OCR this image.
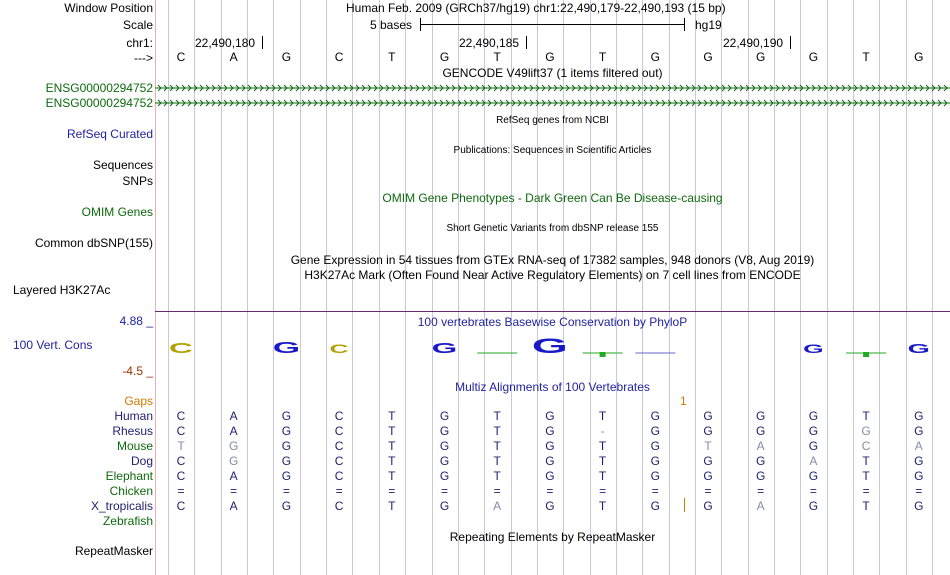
Window Position	Human Feb. 2009 (GRCh37/hg19) chr1:22,490,179-22,490,193 (15 bp)
Scale	5 bases	hg19
chr1:	22,490,180	22,490,185	22,490,190
--->	C	A	G	C	T	G	T	G	T	G	G	G	G	T	G
GENCODE V49lift37 (1 items filtered out)
ENSG00000294752
ENSG00000294752
RefSeq genes from NCBI
RefSeq Curated
Publications: Sequences in Scientific Articles
Sequences
SNPs
OMIM Gene Phenotypes - Dark Green Can Be Disease-causing
OMIM Genes
Short Genetic Variants from dbSNP release 155
Common dbSNP(155)
Gene Expression in 54 tissues from GTEx RNA-seq of 17382 samples, 948 donors (V8, Aug 2019)
H3K27Ac Mark (Often Found Near Active Regulatory Elements) on 7 cell lines from ENCODE
Layered H3K27Ac
100 vertebrates Basewise Conservation by PhyloP
4.88 _
100 Vert. Cons
-4.5 _
C	G C	G	G	G	G
Multiz Alignments of 100 Vertebrates
Gaps	1
Human	C	A	G	C	T	G	T	G	T	G	G	G	G	T	G
Rhesus	C	A	G	C	T	G	T	G	-	G	G	G	G	G	G
Mouse	T	G	G	C	T	G	T	G	T	G	T	A	G	C	A
Dog	C	G	G	C	T	G	T	G	T	G	G	G	A	T	G
Elephant	C	A	G	C	T	G	T	G	T	G	G	G	G	T	G
Chicken	=	=	=	=	=	=	=	=	=	=	=	=	=	=	=
X_tropicalis	C	A	G	C	T	G	A	G	T	G	G	A	G	T	G
Zebrafish
Repeating Elements by RepeatMasker
RepeatMasker
